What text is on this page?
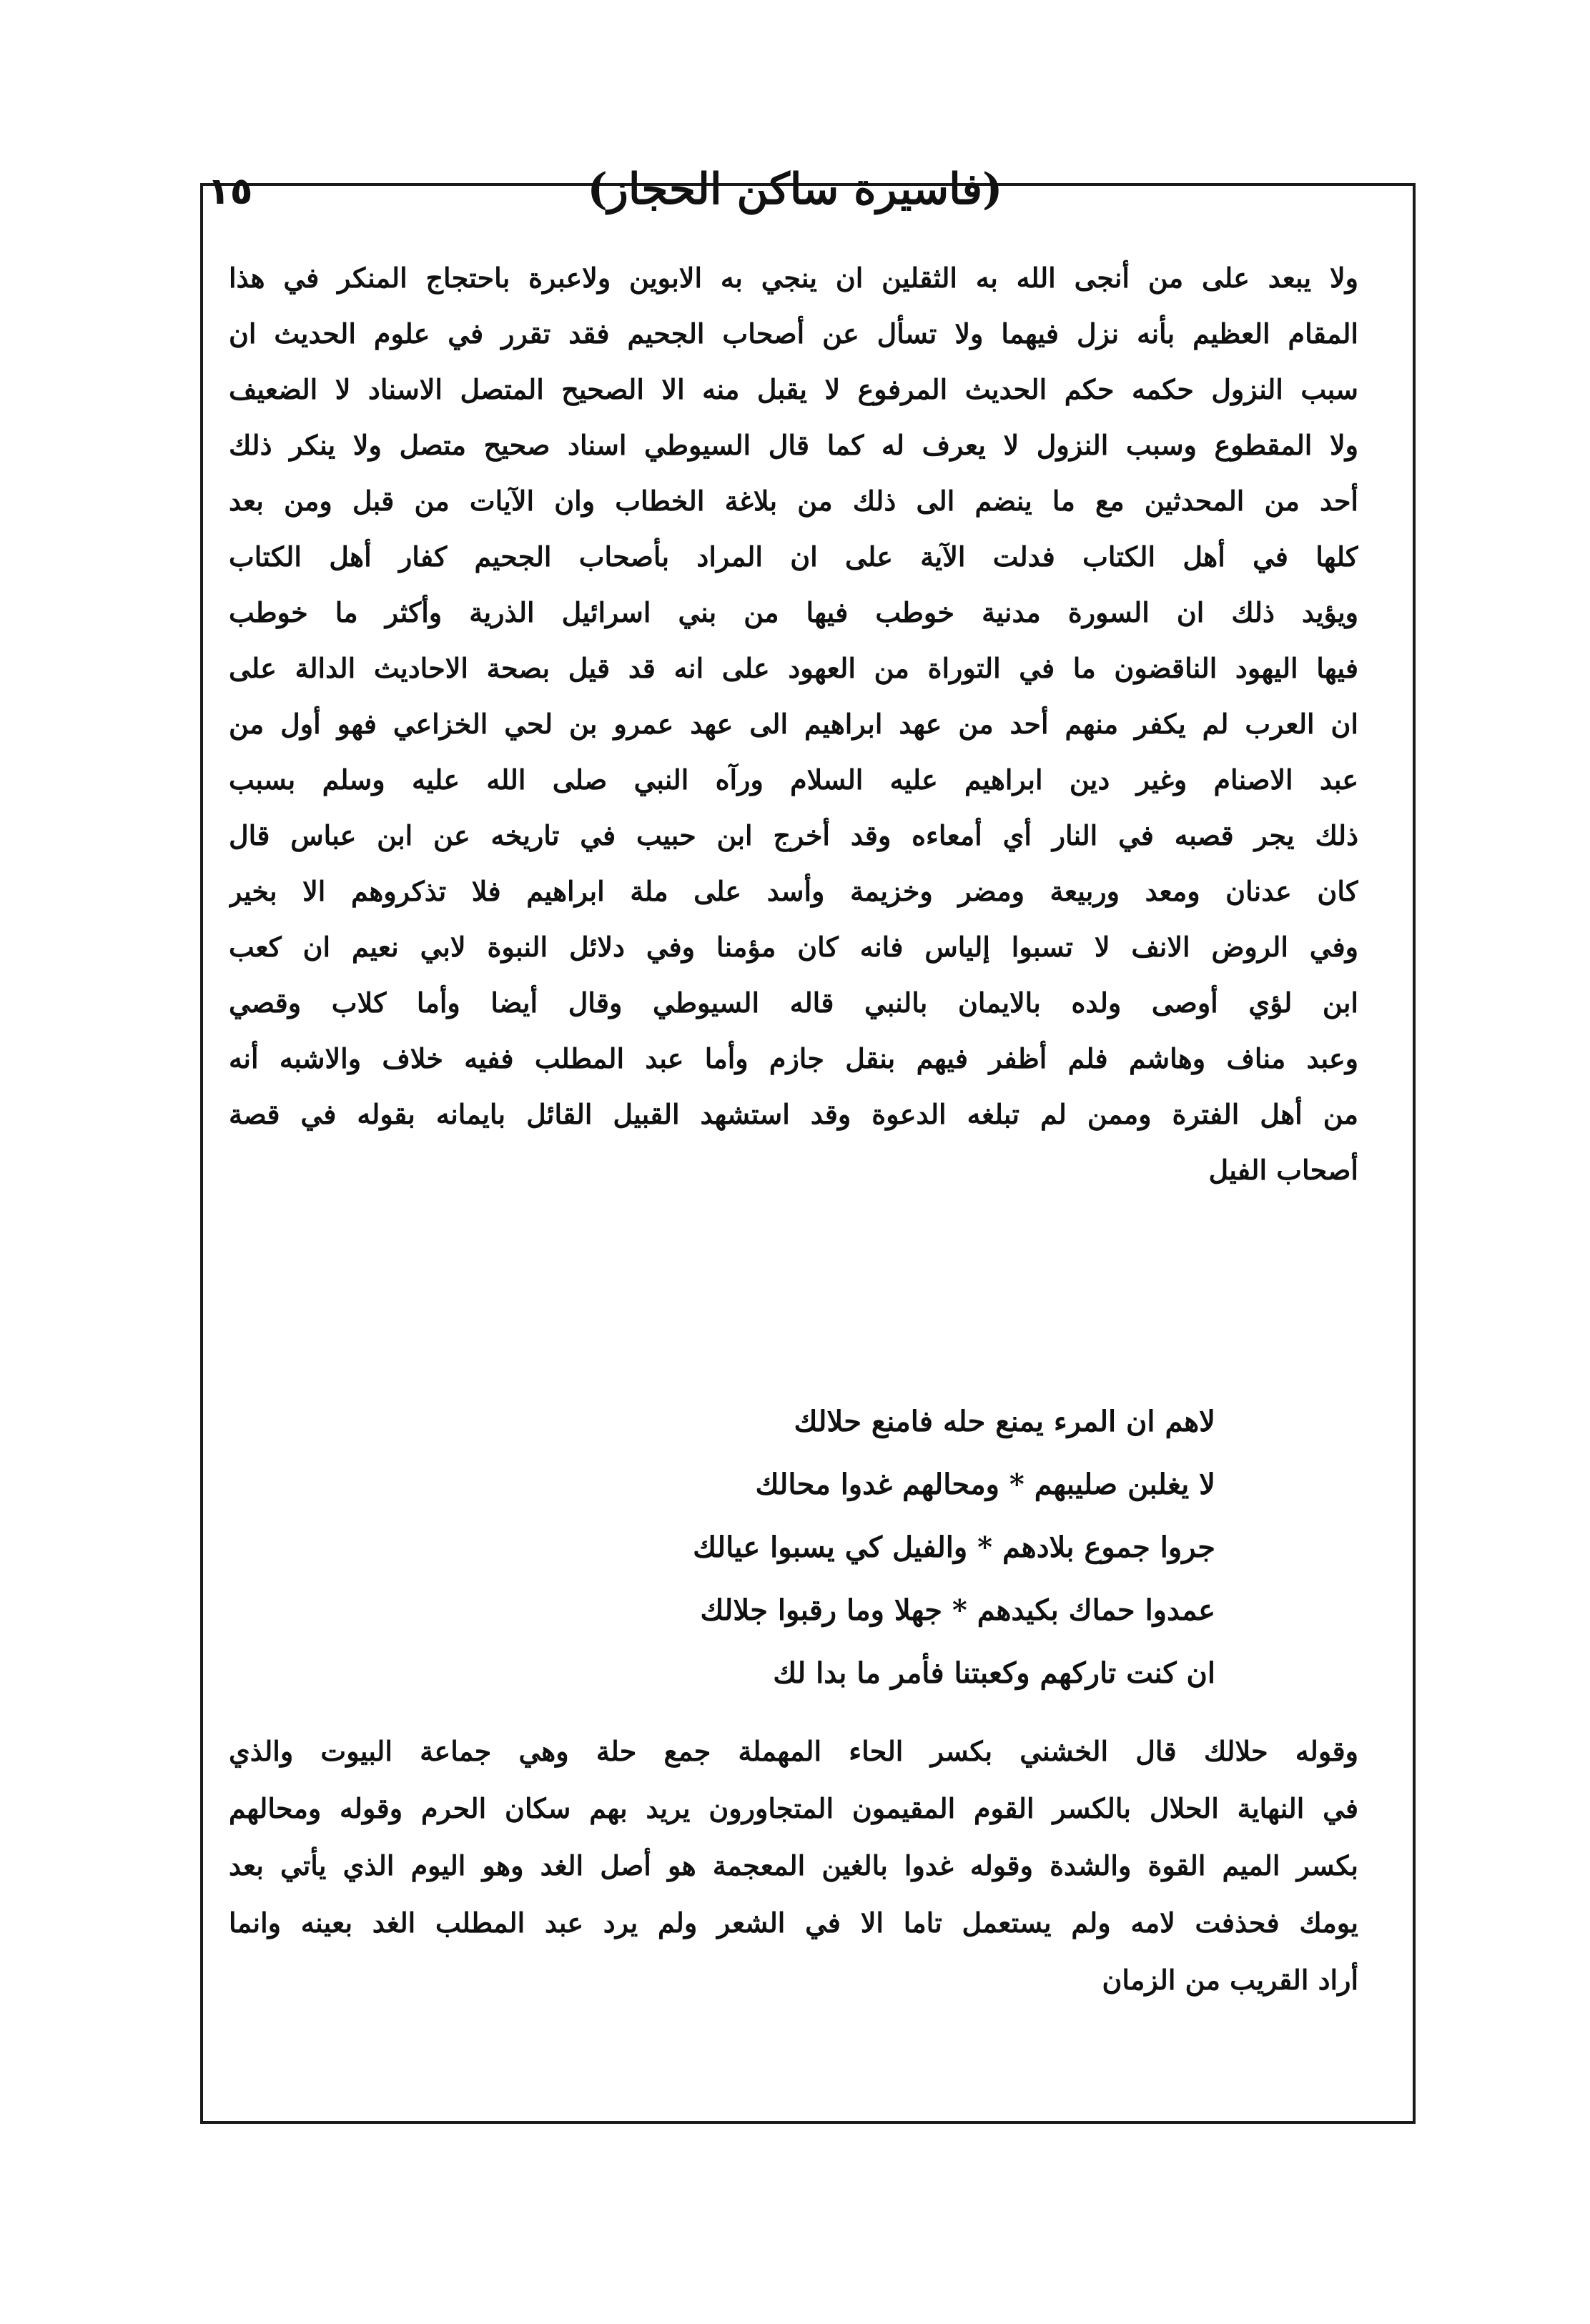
(فاسيرة ساكن الحجاز)
١٥
ولا يبعد على من أنجى الله به الثقلين ان ينجي به الابوين ولاعبرة باحتجاج المنكر في هذا
المقام العظيم بأنه نزل فيهما ولا تسأل عن أصحاب الجحيم فقد تقرر في علوم الحديث ان
سبب النزول حكمه حكم الحديث المرفوع لا يقبل منه الا الصحيح المتصل الاسناد لا الضعيف
ولا المقطوع وسبب النزول لا يعرف له كما قال السيوطي اسناد صحيح متصل ولا ينكر ذلك
أحد من المحدثين مع ما ينضم الى ذلك من بلاغة الخطاب وان الآيات من قبل ومن بعد
كلها في أهل الكتاب فدلت الآية على ان المراد بأصحاب الجحيم كفار أهل الكتاب
ويؤيد ذلك ان السورة مدنية خوطب فيها من بني اسرائيل الذرية وأكثر ما خوطب
فيها اليهود الناقضون ما في التوراة من العهود على انه قد قيل بصحة الاحاديث الدالة على
ان العرب لم يكفر منهم أحد من عهد ابراهيم الى عهد عمرو بن لحي الخزاعي فهو أول من
عبد الاصنام وغير دين ابراهيم عليه السلام ورآه النبي صلى الله عليه وسلم بسبب
ذلك يجر قصبه في النار أي أمعاءه وقد أخرج ابن حبيب في تاريخه عن ابن عباس قال
كان عدنان ومعد وربيعة ومضر وخزيمة وأسد على ملة ابراهيم فلا تذكروهم الا بخير
وفي الروض الانف لا تسبوا إلياس فانه كان مؤمنا وفي دلائل النبوة لابي نعيم ان كعب
ابن لؤي أوصى ولده بالايمان بالنبي قاله السيوطي وقال أيضا وأما كلاب وقصي
وعبد مناف وهاشم فلم أظفر فيهم بنقل جازم وأما عبد المطلب ففيه خلاف والاشبه أنه
من أهل الفترة وممن لم تبلغه الدعوة وقد استشهد القبيل القائل بايمانه بقوله في قصة
أصحاب الفيل
لاهم ان المرء يمنع حله فامنع حلالك
لا يغلبن صليبهم * ومحالهم غدوا محالك
جروا جموع بلادهم * والفيل كي يسبوا عيالك
عمدوا حماك بكيدهم * جهلا وما رقبوا جلالك
ان كنت تاركهم وكعبتنا فأمر ما بدا لك
وقوله حلالك قال الخشني بكسر الحاء المهملة جمع حلة وهي جماعة البيوت والذي
في النهاية الحلال بالكسر القوم المقيمون المتجاورون يريد بهم سكان الحرم وقوله ومحالهم
بكسر الميم القوة والشدة وقوله غدوا بالغين المعجمة هو أصل الغد وهو اليوم الذي يأتي بعد
يومك فحذفت لامه ولم يستعمل تاما الا في الشعر ولم يرد عبد المطلب الغد بعينه وانما
أراد القريب من الزمان
